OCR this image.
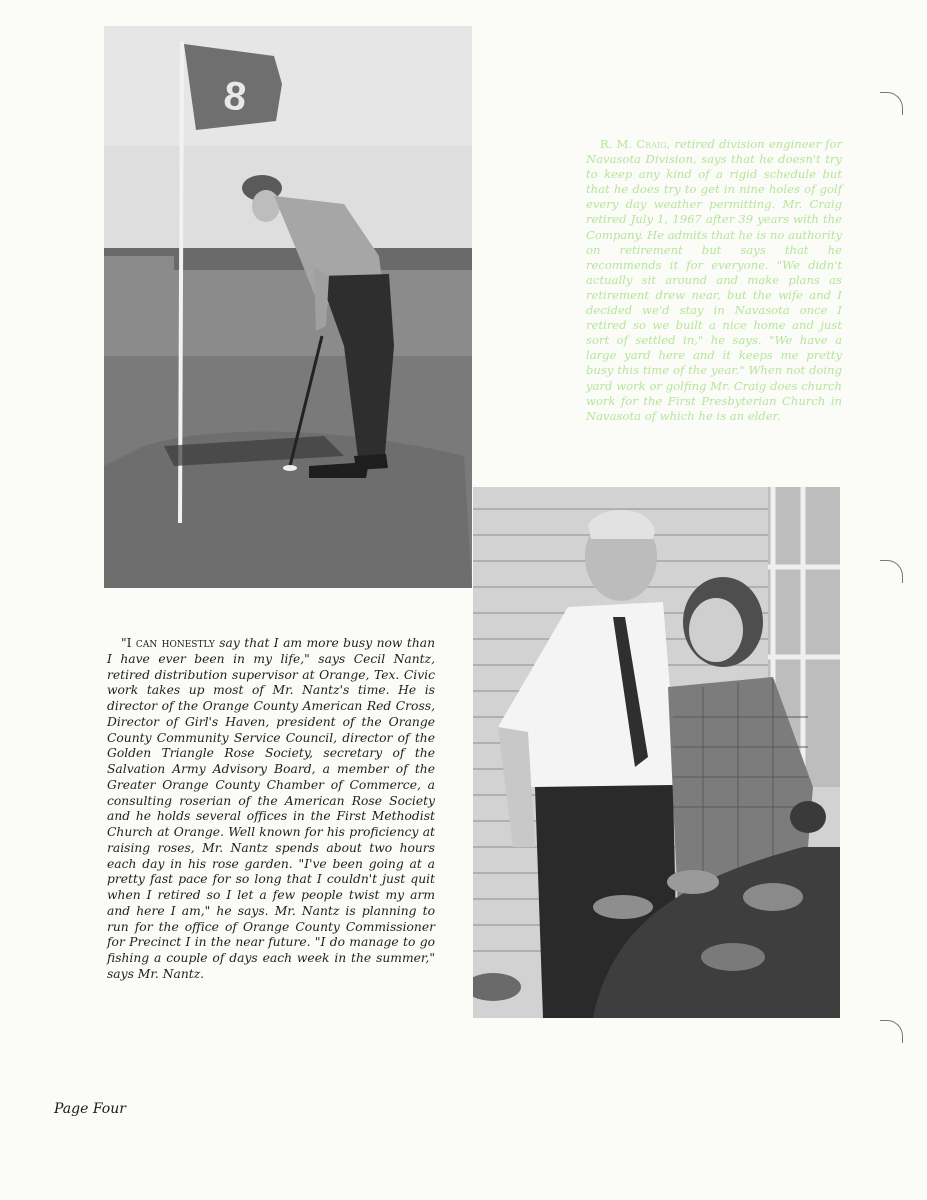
8

R. M. Craig, retired division engineer for Navasota Division, says that he doesn't try to keep any kind of a rigid schedule but that he does try to get in nine holes of golf every day weather permitting. Mr. Craig retired July 1, 1967 after 39 years with the Company. He admits that he is no authority on retirement but says that he recommends it for everyone. "We didn't actually sit around and make plans as retirement drew near, but the wife and I decided we'd stay in Navasota once I retired so we built a nice home and just sort of settled in," he says. "We have a large yard here and it keeps me pretty busy this time of the year." When not doing yard work or golfing Mr. Craig does church work for the First Presbyterian Church in Navasota of which he is an elder.

"I can honestly say that I am more busy now than I have ever been in my life," says Cecil Nantz, retired distribution supervisor at Orange, Tex. Civic work takes up most of Mr. Nantz's time. He is director of the Orange County American Red Cross, Director of Girl's Haven, president of the Orange County Community Service Council, director of the Golden Triangle Rose Society, secretary of the Salvation Army Advisory Board, a member of the Greater Orange County Chamber of Commerce, a consulting roserian of the American Rose Society and he holds several offices in the First Methodist Church at Orange. Well known for his proficiency at raising roses, Mr. Nantz spends about two hours each day in his rose garden. "I've been going at a pretty fast pace for so long that I couldn't just quit when I retired so I let a few people twist my arm and here I am," he says. Mr. Nantz is planning to run for the office of Orange County Commissioner for Precinct I in the near future. "I do manage to go fishing a couple of days each week in the summer," says Mr. Nantz.

Page Four
